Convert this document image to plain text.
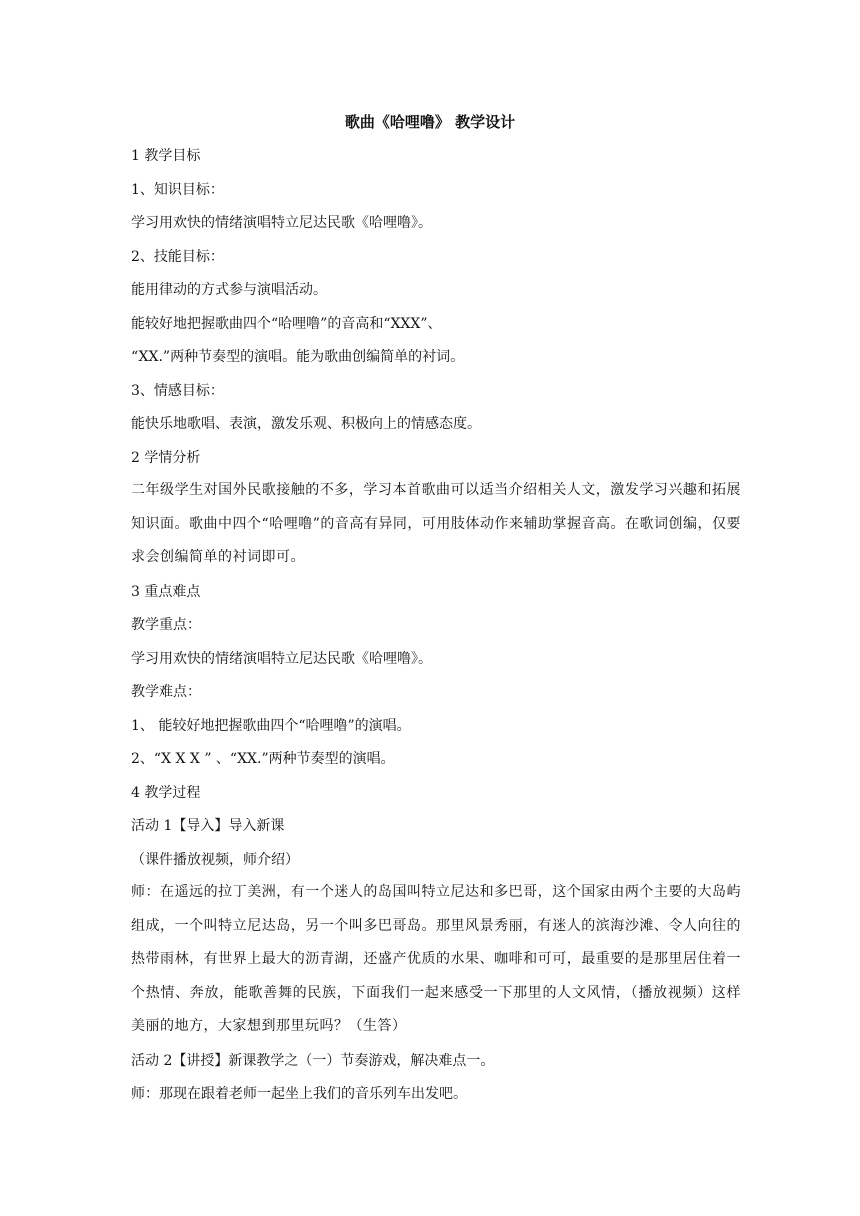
歌曲《哈哩噜》 教学设计

1 教学目标

1、知识目标：

学习用欢快的情绪演唱特立尼达民歌《哈哩噜》。

2、技能目标：

能用律动的方式参与演唱活动。

能较好地把握歌曲四个“哈哩噜”的音高和“XXX”、

“XX.”两种节奏型的演唱。能为歌曲创编简单的衬词。

3、情感目标：

能快乐地歌唱、表演，激发乐观、积极向上的情感态度。

2 学情分析

二年级学生对国外民歌接触的不多，学习本首歌曲可以适当介绍相关人文，激发学习兴趣和拓展知识面。歌曲中四个“哈哩噜”的音高有异同，可用肢体动作来辅助掌握音高。在歌词创编，仅要求会创编简单的衬词即可。

3 重点难点

教学重点：

学习用欢快的情绪演唱特立尼达民歌《哈哩噜》。

教学难点：

1、 能较好地把握歌曲四个“哈哩噜”的演唱。

2、“X X X ” 、“XX.”两种节奏型的演唱。

4 教学过程

活动 1【导入】导入新课

（课件播放视频，师介绍）

师：在遥远的拉丁美洲，有一个迷人的岛国叫特立尼达和多巴哥，这个国家由两个主要的大岛屿组成，一个叫特立尼达岛，另一个叫多巴哥岛。那里风景秀丽，有迷人的滨海沙滩、令人向往的热带雨林，有世界上最大的沥青湖，还盛产优质的水果、咖啡和可可，最重要的是那里居住着一个热情、奔放，能歌善舞的民族，下面我们一起来感受一下那里的人文风情，（播放视频）这样美丽的地方，大家想到那里玩吗？（生答）

活动 2【讲授】新课教学之（一）节奏游戏，解决难点一。

师：那现在跟着老师一起坐上我们的音乐列车出发吧。
